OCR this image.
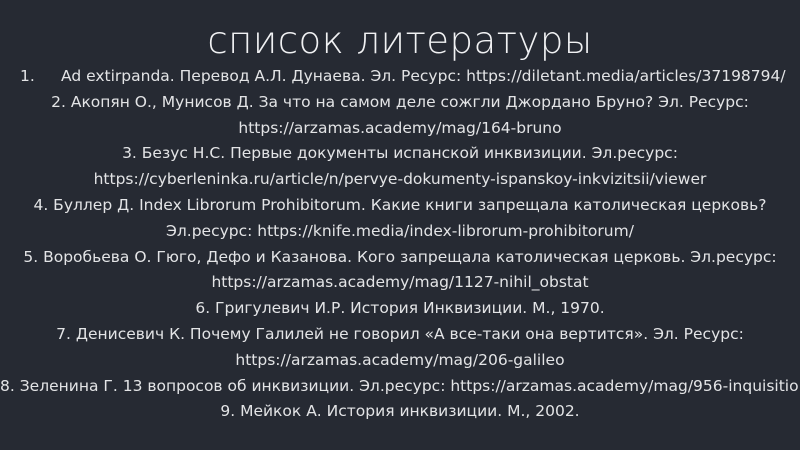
список литературы
1. Ad extirpanda. Перевод А.Л. Дунаева. Эл. Ресурс: https://diletant.media/articles/37198794/
2. Акопян О., Мунисов Д. За что на самом деле сожгли Джордано Бруно? Эл. Ресурс:
https://arzamas.academy/mag/164-bruno
3. Безус Н.С. Первые документы испанской инквизиции. Эл.ресурс:
https://cyberleninka.ru/article/n/pervye-dokumenty-ispanskoy-inkvizitsii/viewer
4. Буллер Д. Index Librorum Prohibitorum. Какие книги запрещала католическая церковь?
Эл.ресурс: https://knife.media/index-librorum-prohibitorum/
5. Воробьева О. Гюго, Дефо и Казанова. Кого запрещала католическая церковь. Эл.ресурс:
https://arzamas.academy/mag/1127-nihil_obstat
6. Григулевич И.Р. История Инквизиции. М., 1970.
7. Денисевич К. Почему Галилей не говорил «А все-таки она вертится». Эл. Ресурс:
https://arzamas.academy/mag/206-galileo
8. Зеленина Г. 13 вопросов об инквизиции. Эл.ресурс: https://arzamas.academy/mag/956-inquisitio
9. Мейкок А. История инквизиции. М., 2002.
